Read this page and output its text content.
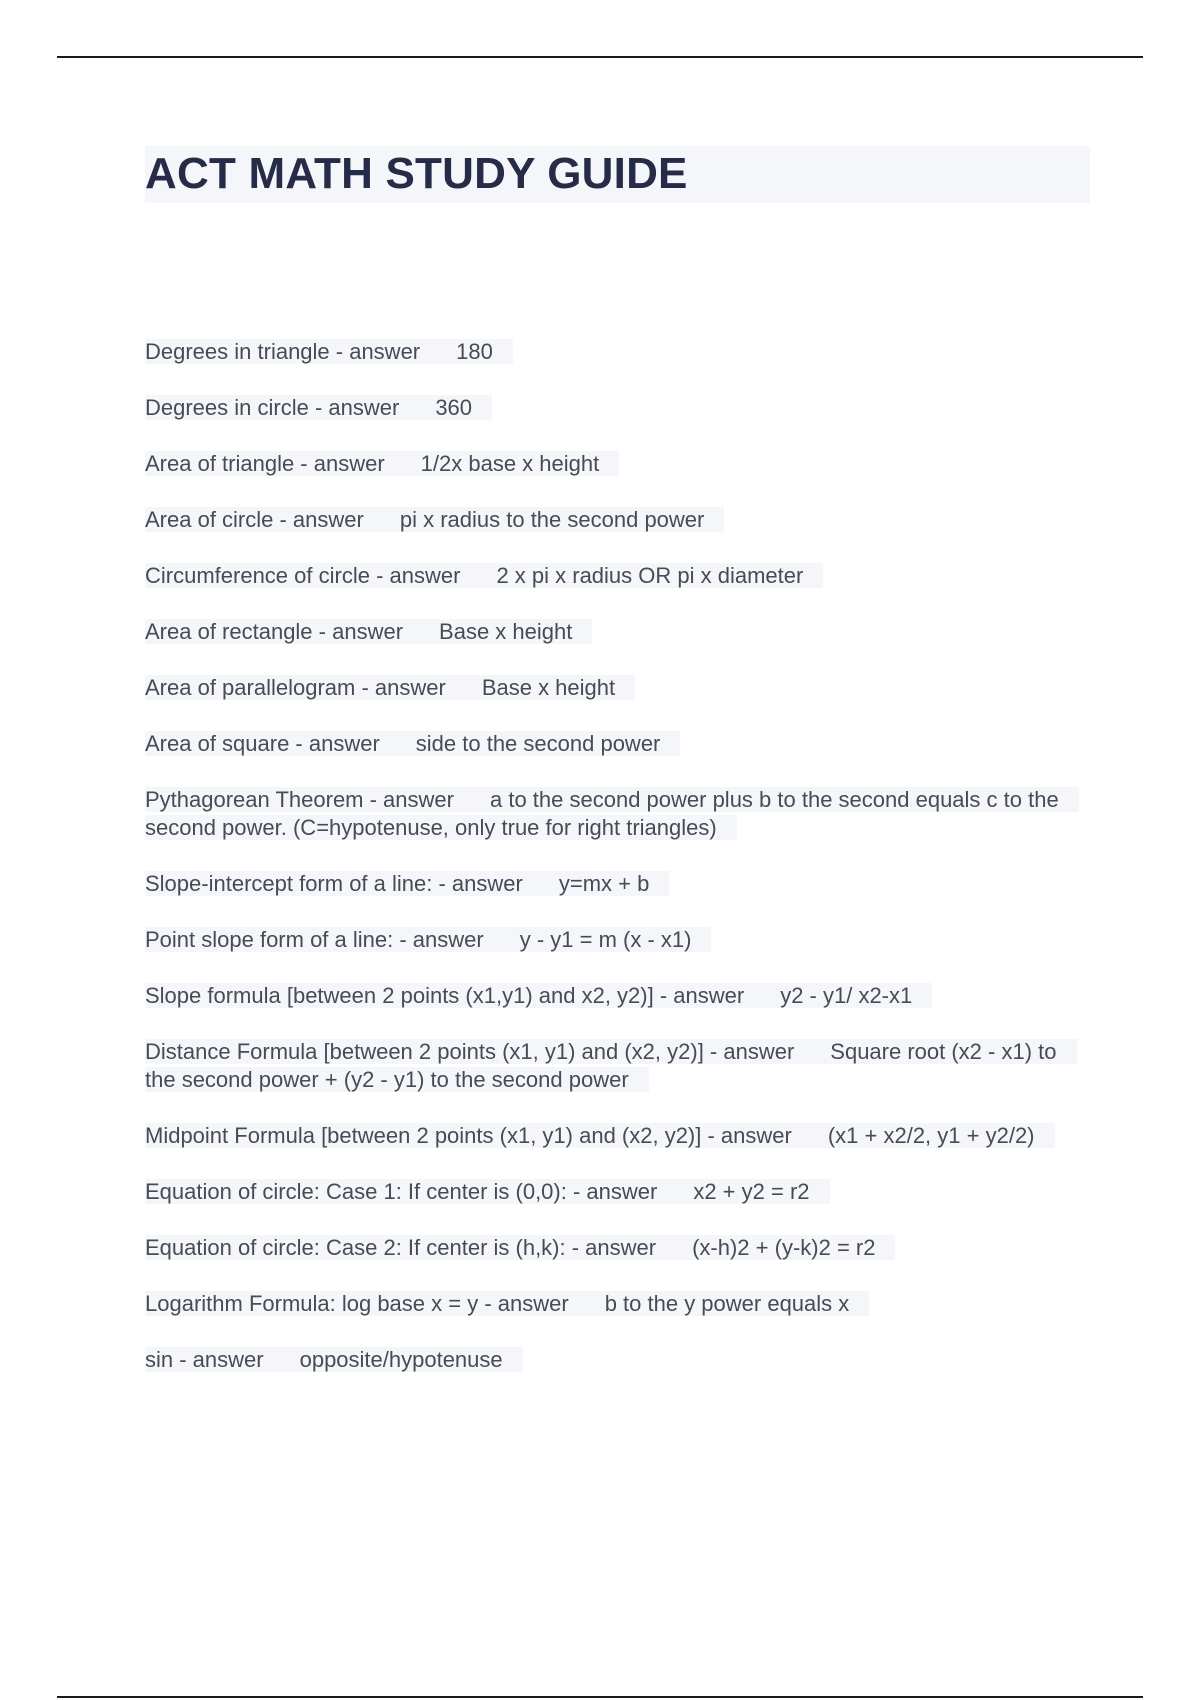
ACT MATH STUDY GUIDE
Degrees in triangle - answer 180
Degrees in circle - answer 360
Area of triangle - answer 1/2x base x height
Area of circle - answer pi x radius to the second power
Circumference of circle - answer 2 x pi x radius OR pi x diameter
Area of rectangle - answer Base x height
Area of parallelogram - answer Base x height
Area of square - answer side to the second power
Pythagorean Theorem - answer a to the second power plus b to the second equals c to the second power. (C=hypotenuse, only true for right triangles)
Slope-intercept form of a line: - answer y=mx + b
Point slope form of a line: - answer y - y1 = m (x - x1)
Slope formula [between 2 points (x1,y1) and x2, y2)] - answer y2 - y1/ x2-x1
Distance Formula [between 2 points (x1, y1) and (x2, y2)] - answer Square root (x2 - x1) to the second power + (y2 - y1) to the second power
Midpoint Formula [between 2 points (x1, y1) and (x2, y2)] - answer (x1 + x2/2, y1 + y2/2)
Equation of circle: Case 1: If center is (0,0): - answer x2 + y2 = r2
Equation of circle: Case 2: If center is (h,k): - answer (x-h)2 + (y-k)2 = r2
Logarithm Formula: log base x = y - answer b to the y power equals x
sin - answer opposite/hypotenuse
